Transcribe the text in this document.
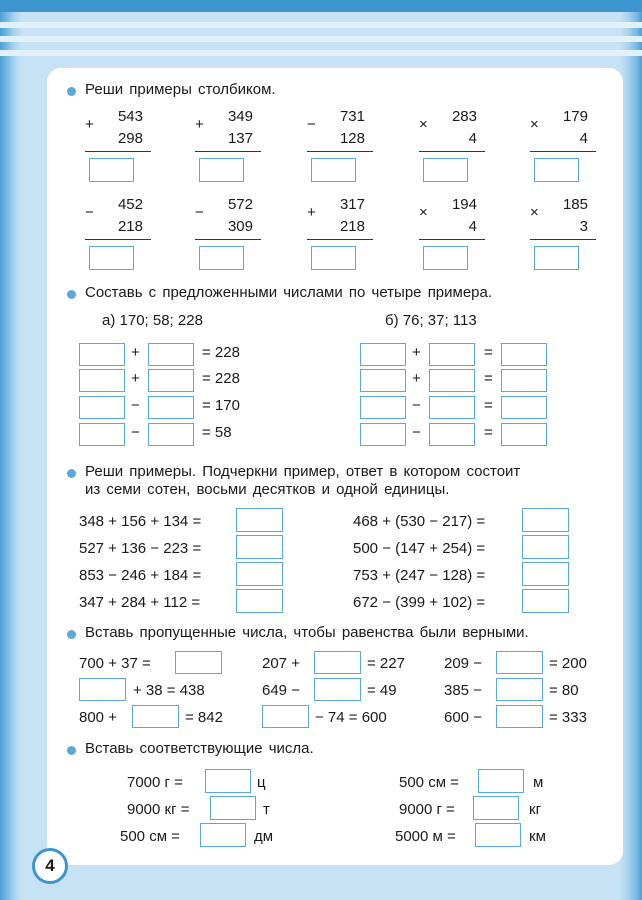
Реши примеры столбиком.
+	543
298
+	349
137
−	731
128
×	283
4
×	179
4
−	452
218
−	572
309
+	317
218
×	194
4
×	185
3
Составь с предложенными числами по четыре примера.
а) 170; 58; 228	б) 76; 37; 113
+	= 228
+	= 228
−	= 170
−	= 58
+	=
+	=
−	=
−	=
Реши примеры. Подчеркни пример, ответ в котором состоит
из семи сотен, восьми десятков и одной единицы.
348 + 156 + 134 =
527 + 136 − 223 =
853 − 246 + 184 =
347 + 284 + 112 =
468 + (530 − 217) =
500 − (147 + 254) =
753 + (247 − 128) =
672 − (399 + 102) =
Вставь пропущенные числа, чтобы равенства были верными.
700 + 37 =
+ 38 = 438
800 +	= 842
207 +	= 227
649 −	= 49
− 74 = 600
209 −	= 200
385 −	= 80
600 −	= 333
Вставь соответствующие числа.
7000 г =	ц
9000 кг =	т
500 см =	дм
500 см =	м
9000 г =	кг
5000 м =	км
4
